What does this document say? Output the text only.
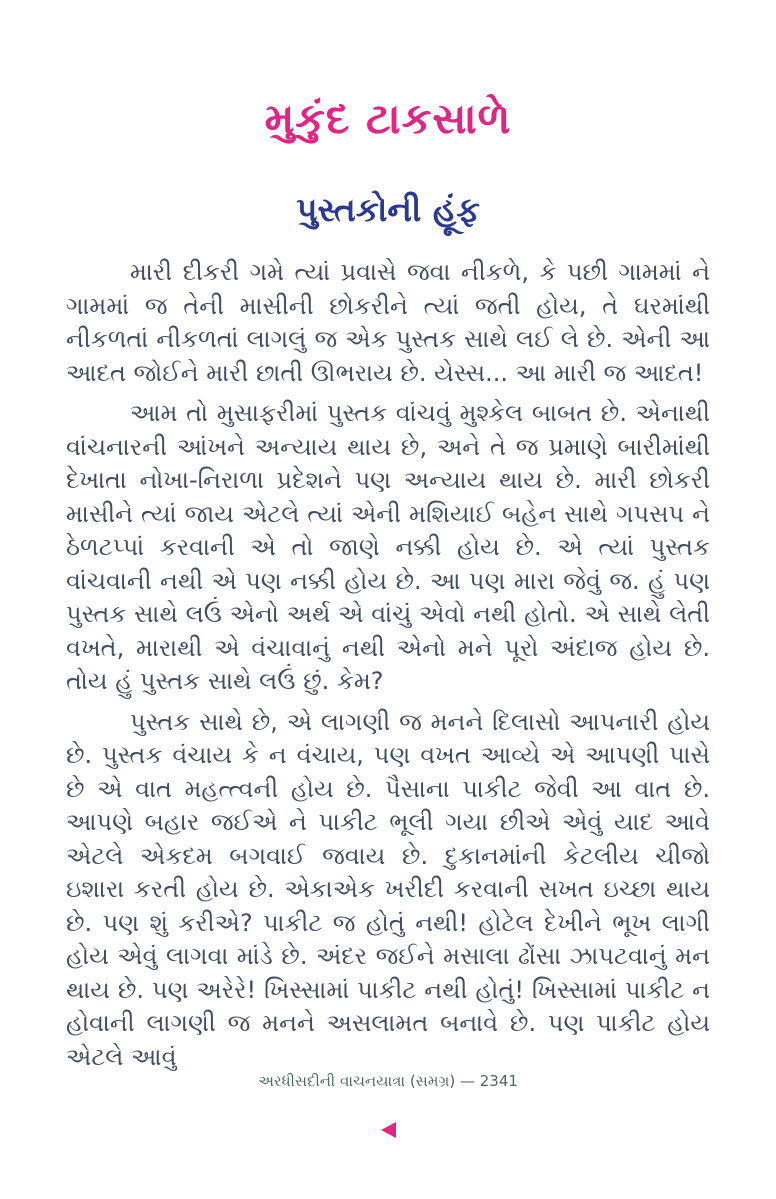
મુકુંદ ટાકસાળે
પુસ્તકોની હૂંફ

મારી દીકરી ગમે ત્યાં પ્રવાસે જવા નીકળે, કે પછી ગામમાં ને ગામમાં જ તેની માસીની છોકરીને ત્યાં જતી હોય, તે ઘરમાંથી નીકળતાં નીકળતાં લાગલું જ એક પુસ્તક સાથે લઈ લે છે. એની આ આદત જોઈને મારી છાતી ઊભરાય છે. યેસ્સ... આ મારી જ આદત!

આમ તો મુસાફરીમાં પુસ્તક વાંચવું મુશ્કેલ બાબત છે. એનાથી વાંચનારની આંખને અન્યાય થાય છે, અને તે જ પ્રમાણે બારીમાંથી દેખાતા નોખા-નિરાળા પ્રદેશને પણ અન્યાય થાય છે. મારી છોકરી માસીને ત્યાં જાય એટલે ત્યાં એની મશિયાઈ બહેન સાથે ગપસપ ને ઠેળટપ્પાં કરવાની એ તો જાણે નક્કી હોય છે. એ ત્યાં પુસ્તક વાંચવાની નથી એ પણ નક્કી હોય છે. આ પણ મારા જેવું જ. હું પણ પુસ્તક સાથે લઉં એનો અર્થ એ વાંચું એવો નથી હોતો. એ સાથે લેતી વખતે, મારાથી એ વંચાવાનું નથી એનો મને પૂરો અંદાજ હોય છે. તોય હું પુસ્તક સાથે લઉં છું. કેમ?

પુસ્તક સાથે છે, એ લાગણી જ મનને દિલાસો આપનારી હોય છે. પુસ્તક વંચાય કે ન વંચાય, પણ વખત આવ્યે એ આપણી પાસે છે એ વાત મહત્ત્વની હોય છે. પૈસાના પાકીટ જેવી આ વાત છે. આપણે બહાર જઈએ ને પાકીટ ભૂલી ગયા છીએ એવું યાદ આવે એટલે એકદમ બગવાઈ જવાય છે. દુકાનમાંની કેટલીય ચીજો ઇશારા કરતી હોય છે. એકાએક ખરીદી કરવાની સખત ઇચ્છા થાય છે. પણ શું કરીએ? પાકીટ જ હોતું નથી! હોટેલ દેખીને ભૂખ લાગી હોય એવું લાગવા માંડે છે. અંદર જઈને મસાલા ઢોંસા ઝાપટવાનું મન થાય છે. પણ અરેરે! ખિસ્સામાં પાકીટ નથી હોતું! ખિસ્સામાં પાકીટ ન હોવાની લાગણી જ મનને અસલામત બનાવે છે. પણ પાકીટ હોય એટલે આવું

અરધીસદીની વાચનયાત્રા (સમગ્ર) — 2341
